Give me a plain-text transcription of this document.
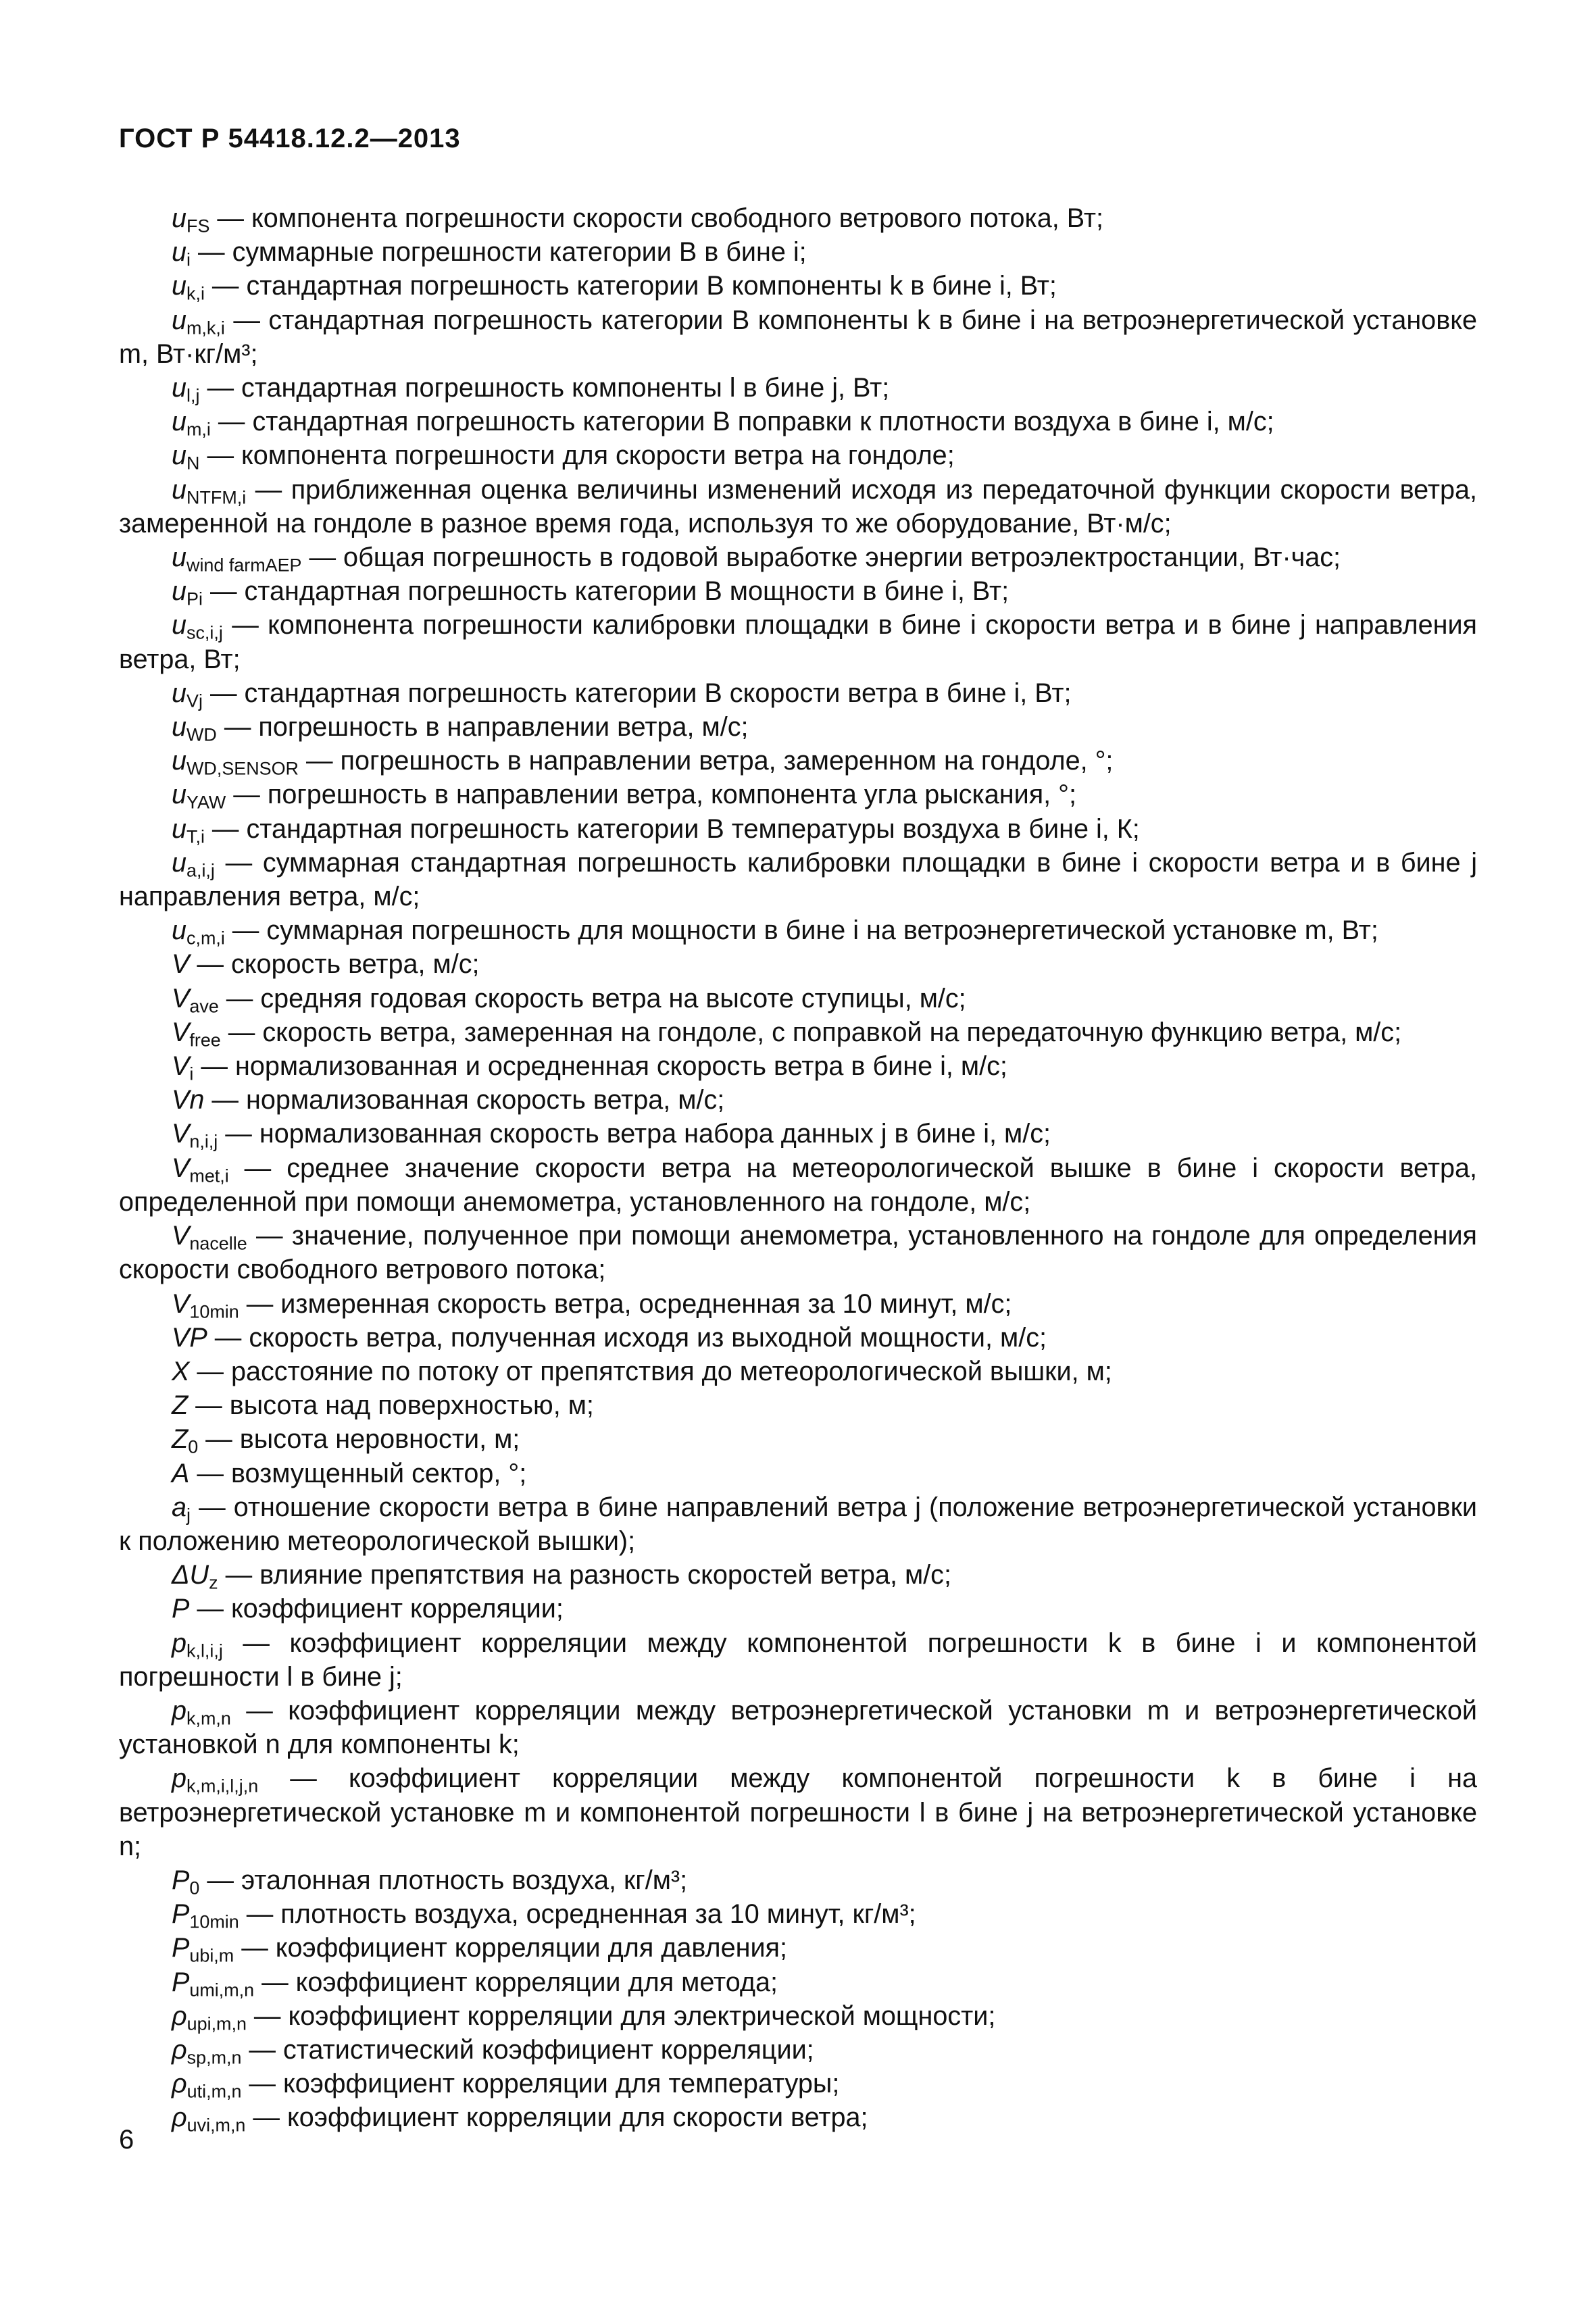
ГОСТ Р 54418.12.2—2013

$u_{FS}$ — компонента погрешности скорости свободного ветрового потока, Вт;

$u_i$ — суммарные погрешности категории В в бине i;

$u_{k,i}$ — стандартная погрешность категории В компоненты k в бине i, Вт;

$u_{m,k,i}$ — стандартная погрешность категории В компоненты k в бине i на ветроэнергетической установке m, Вт·кг/м³;

$u_{l,j}$ — стандартная погрешность компоненты l в бине j, Вт;

$u_{m,i}$ — стандартная погрешность категории В поправки к плотности воздуха в бине i, м/с;

$u_N$ — компонента погрешности для скорости ветра на гондоле;

$u_{NTFM,i}$ — приближенная оценка величины изменений исходя из передаточной функции скорости ветра, замеренной на гондоле в разное время года, используя то же оборудование, Вт·м/с;

$u_{wind farmAEP}$ — общая погрешность в годовой выработке энергии ветроэлектростанции, Вт·час;

$u_{Pi}$ — стандартная погрешность категории В мощности в бине i, Вт;

$u_{sc,i,j}$ — компонента погрешности калибровки площадки в бине i скорости ветра и в бине j направления ветра, Вт;

$u_{Vj}$ — стандартная погрешность категории В скорости ветра в бине i, Вт;

$u_{WD}$ — погрешность в направлении ветра, м/с;

$u_{WD,SENSOR}$ — погрешность в направлении ветра, замеренном на гондоле, °;

$u_{YAW}$ — погрешность в направлении ветра, компонента угла рыскания, °;

$u_{T,i}$ — стандартная погрешность категории В температуры воздуха в бине i, К;

$u_{a,i,j}$ — суммарная стандартная погрешность калибровки площадки в бине i скорости ветра и в бине j направления ветра, м/с;

$u_{c,m,i}$ — суммарная погрешность для мощности в бине i на ветроэнергетической установке m, Вт;

V — скорость ветра, м/с;

$V_{ave}$ — средняя годовая скорость ветра на высоте ступицы, м/с;

$V_{free}$ — скорость ветра, замеренная на гондоле, с поправкой на передаточную функцию ветра, м/с;

$V_i$ — нормализованная и осредненная скорость ветра в бине i, м/с;

Vn — нормализованная скорость ветра, м/с;

$V_{n,i,j}$ — нормализованная скорость ветра набора данных j в бине i, м/с;

$V_{met,i}$ — среднее значение скорости ветра на метеорологической вышке в бине i скорости ветра, определенной при помощи анемометра, установленного на гондоле, м/с;

$V_{nacelle}$ — значение, полученное при помощи анемометра, установленного на гондоле для определения скорости свободного ветрового потока;

$V_{10min}$ — измеренная скорость ветра, осредненная за 10 минут, м/с;

VP — скорость ветра, полученная исходя из выходной мощности, м/с;

X — расстояние по потоку от препятствия до метеорологической вышки, м;

Z — высота над поверхностью, м;

$Z_0$ — высота неровности, м;

A — возмущенный сектор, °;

$a_j$ — отношение скорости ветра в бине направлений ветра j (положение ветроэнергетической установки к положению метеорологической вышки);

$\Delta U_z$ — влияние препятствия на разность скоростей ветра, м/с;

P — коэффициент корреляции;

$p_{k,l,i,j}$ — коэффициент корреляции между компонентой погрешности k в бине i и компонентой погрешности l в бине j;

$p_{k,m,n}$ — коэффициент корреляции между ветроэнергетической установки m и ветроэнергетической установкой n для компоненты k;

$p_{k,m,i,l,j,n}$ — коэффициент корреляции между компонентой погрешности k в бине i на ветроэнергетической установке m и компонентой погрешности l в бине j на ветроэнергетической установке n;

$P_0$ — эталонная плотность воздуха, кг/м³;

$P_{10min}$ — плотность воздуха, осредненная за 10 минут, кг/м³;

$P_{ubi,m}$ — коэффициент корреляции для давления;

$P_{umi,m,n}$ — коэффициент корреляции для метода;

$\rho_{upi,m,n}$ — коэффициент корреляции для электрической мощности;

$\rho_{sp,m,n}$ — статистический коэффициент корреляции;

$\rho_{uti,m,n}$ — коэффициент корреляции для температуры;

$\rho_{uvi,m,n}$ — коэффициент корреляции для скорости ветра;

6
